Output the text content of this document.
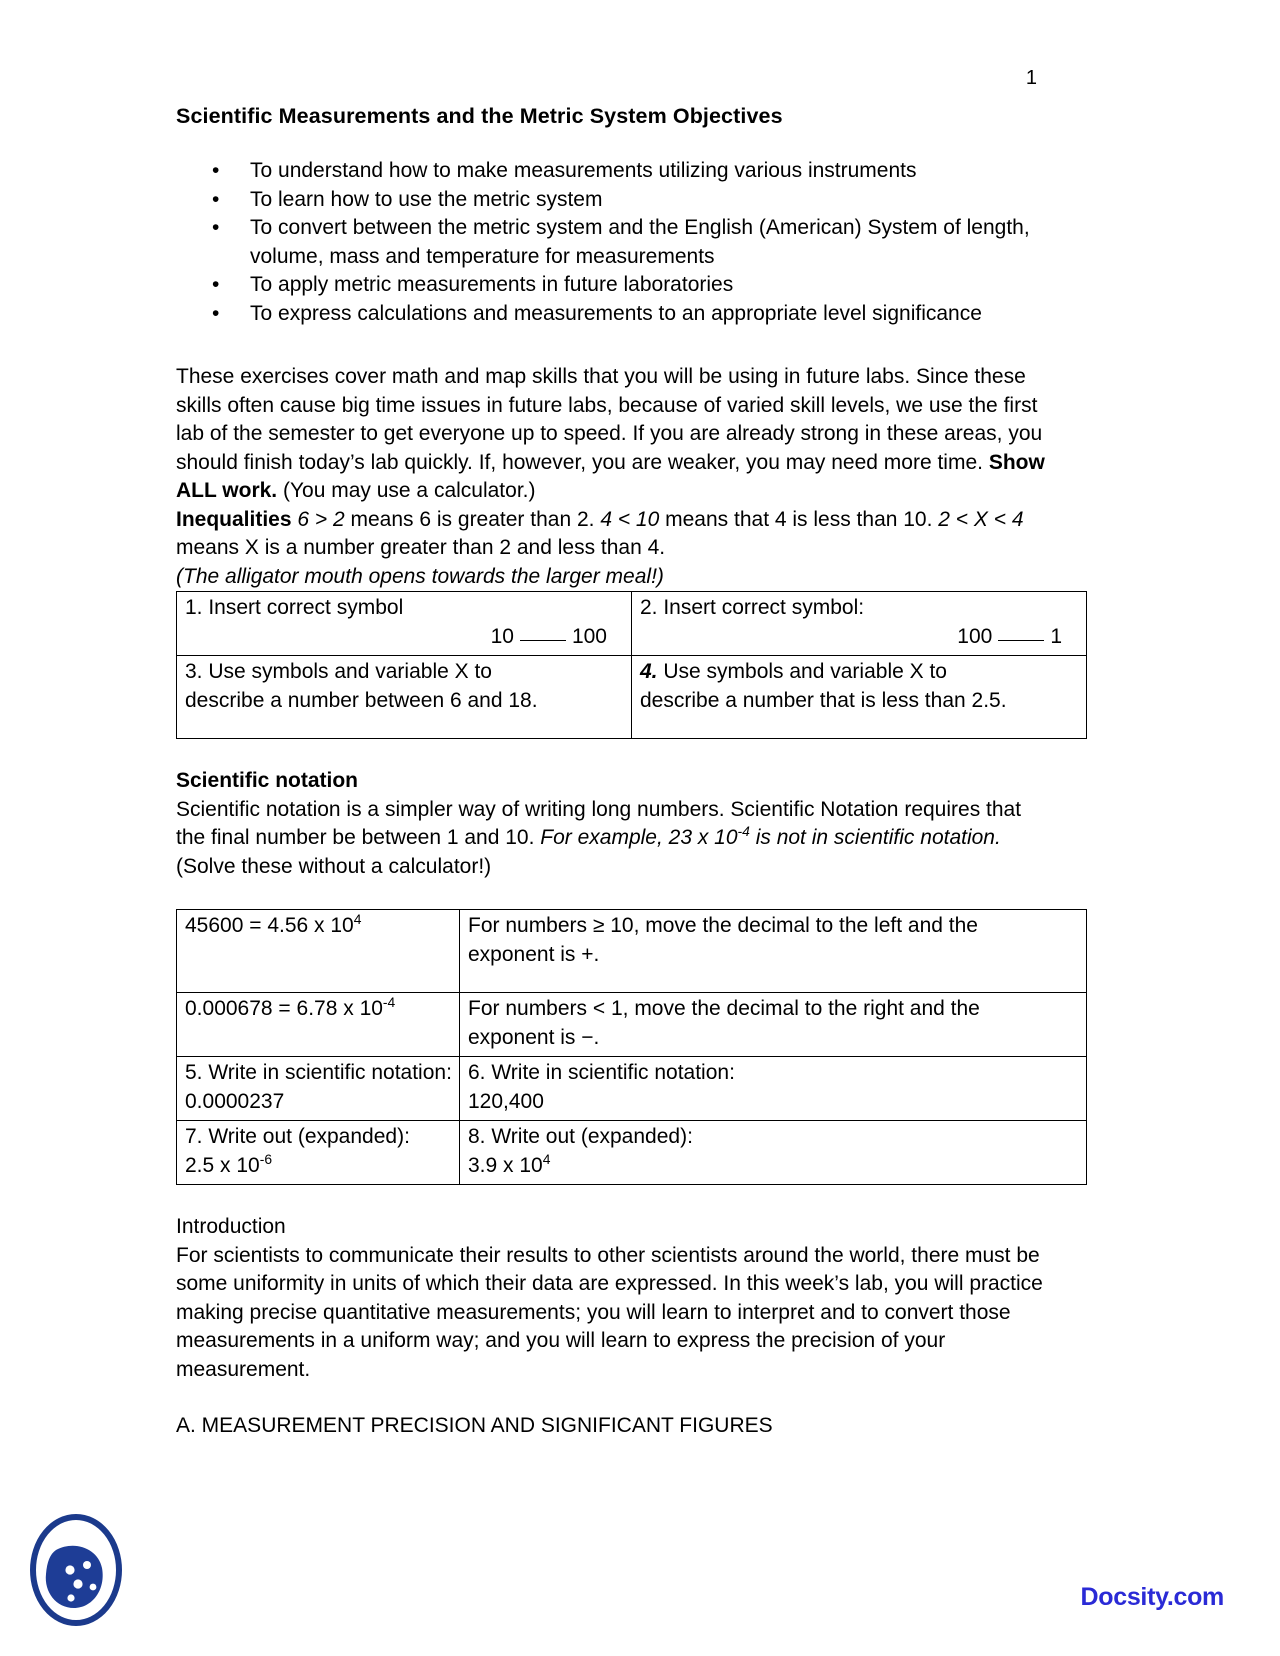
1
Scientific Measurements and the Metric System Objectives
• To understand how to make measurements utilizing various instruments
• To learn how to use the metric system
• To convert between the metric system and the English (American) System of length, volume, mass and temperature for measurements
• To apply metric measurements in future laboratories
• To express calculations and measurements to an appropriate level significance

These exercises cover math and map skills that you will be using in future labs. Since these skills often cause big time issues in future labs, because of varied skill levels, we use the first lab of the semester to get everyone up to speed. If you are already strong in these areas, you should finish today’s lab quickly. If, however, you are weaker, you may need more time. Show ALL work. (You may use a calculator.)

Inequalities 6 > 2 means 6 is greater than 2. 4 < 10 means that 4 is less than 10. 2 < X < 4 means X is a number greater than 2 and less than 4.

(The alligator mouth opens towards the larger meal!)

1. Insert correct symbol
10 100	2. Insert correct symbol:
100 1

3. Use symbols and variable X to
describe a number between 6 and 18.	4. Use symbols and variable X to
describe a number that is less than 2.5.
Scientific notation

Scientific notation is a simpler way of writing long numbers. Scientific Notation requires that the final number be between 1 and 10. For example, 23 x $10^{-4}$ is not in scientific notation. (Solve these without a calculator!)

45600 = 4.56 x $10^4$	For numbers ≥ 10, move the decimal to the left and the
exponent is +.

0.000678 = 6.78 x $10^{-4}$	For numbers < 1, move the decimal to the right and the
exponent is −.

5. Write in scientific notation:
0.0000237	6. Write in scientific notation:
120,400

7. Write out (expanded):
2.5 x $10^{-6}$	8. Write out (expanded):
3.9 x $10^4$

Introduction

For scientists to communicate their results to other scientists around the world, there must be some uniformity in units of which their data are expressed. In this week’s lab, you will practice making precise quantitative measurements; you will learn to interpret and to convert those measurements in a uniform way; and you will learn to express the precision of your measurement.

A. MEASUREMENT PRECISION AND SIGNIFICANT FIGURES

Docsity.com
